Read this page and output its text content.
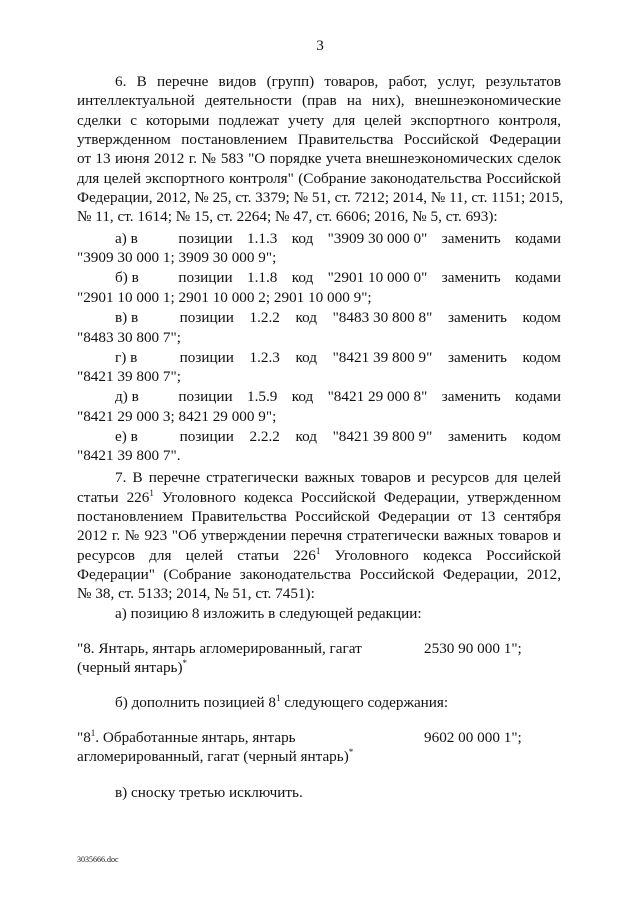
3
6. В перечне видов (групп) товаров, работ, услуг, результатов
интеллектуальной деятельности (прав на них), внешнеэкономические
сделки с которыми подлежат учету для целей экспортного контроля,
утвержденном постановлением Правительства Российской Федерации
от 13 июня 2012 г. № 583 "О порядке учета внешнеэкономических сделок
для целей экспортного контроля" (Собрание законодательства Российской
Федерации, 2012, № 25, ст. 3379; № 51, ст. 7212; 2014, № 11, ст. 1151; 2015,
№ 11, ст. 1614; № 15, ст. 2264; № 47, ст. 6606; 2016, № 5, ст. 693):
а) в	позиции 1.1.3 код "3909 30 000 0" заменить кодами
"3909 30 000 1; 3909 30 000 9";
б) в	позиции 1.1.8 код "2901 10 000 0" заменить кодами
"2901 10 000 1; 2901 10 000 2; 2901 10 000 9";
в) в	позиции 1.2.2 код "8483 30 800 8" заменить кодом
"8483 30 800 7";
г) в	позиции 1.2.3 код "8421 39 800 9" заменить кодом
"8421 39 800 7";
д) в	позиции 1.5.9 код "8421 29 000 8" заменить кодами
"8421 29 000 3; 8421 29 000 9";
е) в	позиции 2.2.2 код "8421 39 800 9" заменить кодом
"8421 39 800 7".
7. В перечне стратегически важных товаров и ресурсов для целей
статьи $226^1$ Уголовного кодекса Российской Федерации, утвержденном
постановлением Правительства Российской Федерации от 13 сентября
2012 г. № 923 "Об утверждении перечня стратегически важных товаров и
ресурсов для целей статьи $226^1$ Уголовного кодекса Российской
Федерации" (Собрание законодательства Российской Федерации, 2012,
№ 38, ст. 5133; 2014, № 51, ст. 7451):
а) позицию 8 изложить в следующей редакции:
"8. Янтарь, янтарь агломерированный, гагат
(черный янтарь)*
2530 90 000 1";
б) дополнить позицией $8^1$ следующего содержания:
"$8^1$. Обработанные янтарь, янтарь
агломерированный, гагат (черный янтарь)*
9602 00 000 1";
в) сноску третью исключить.
3035666.doc
